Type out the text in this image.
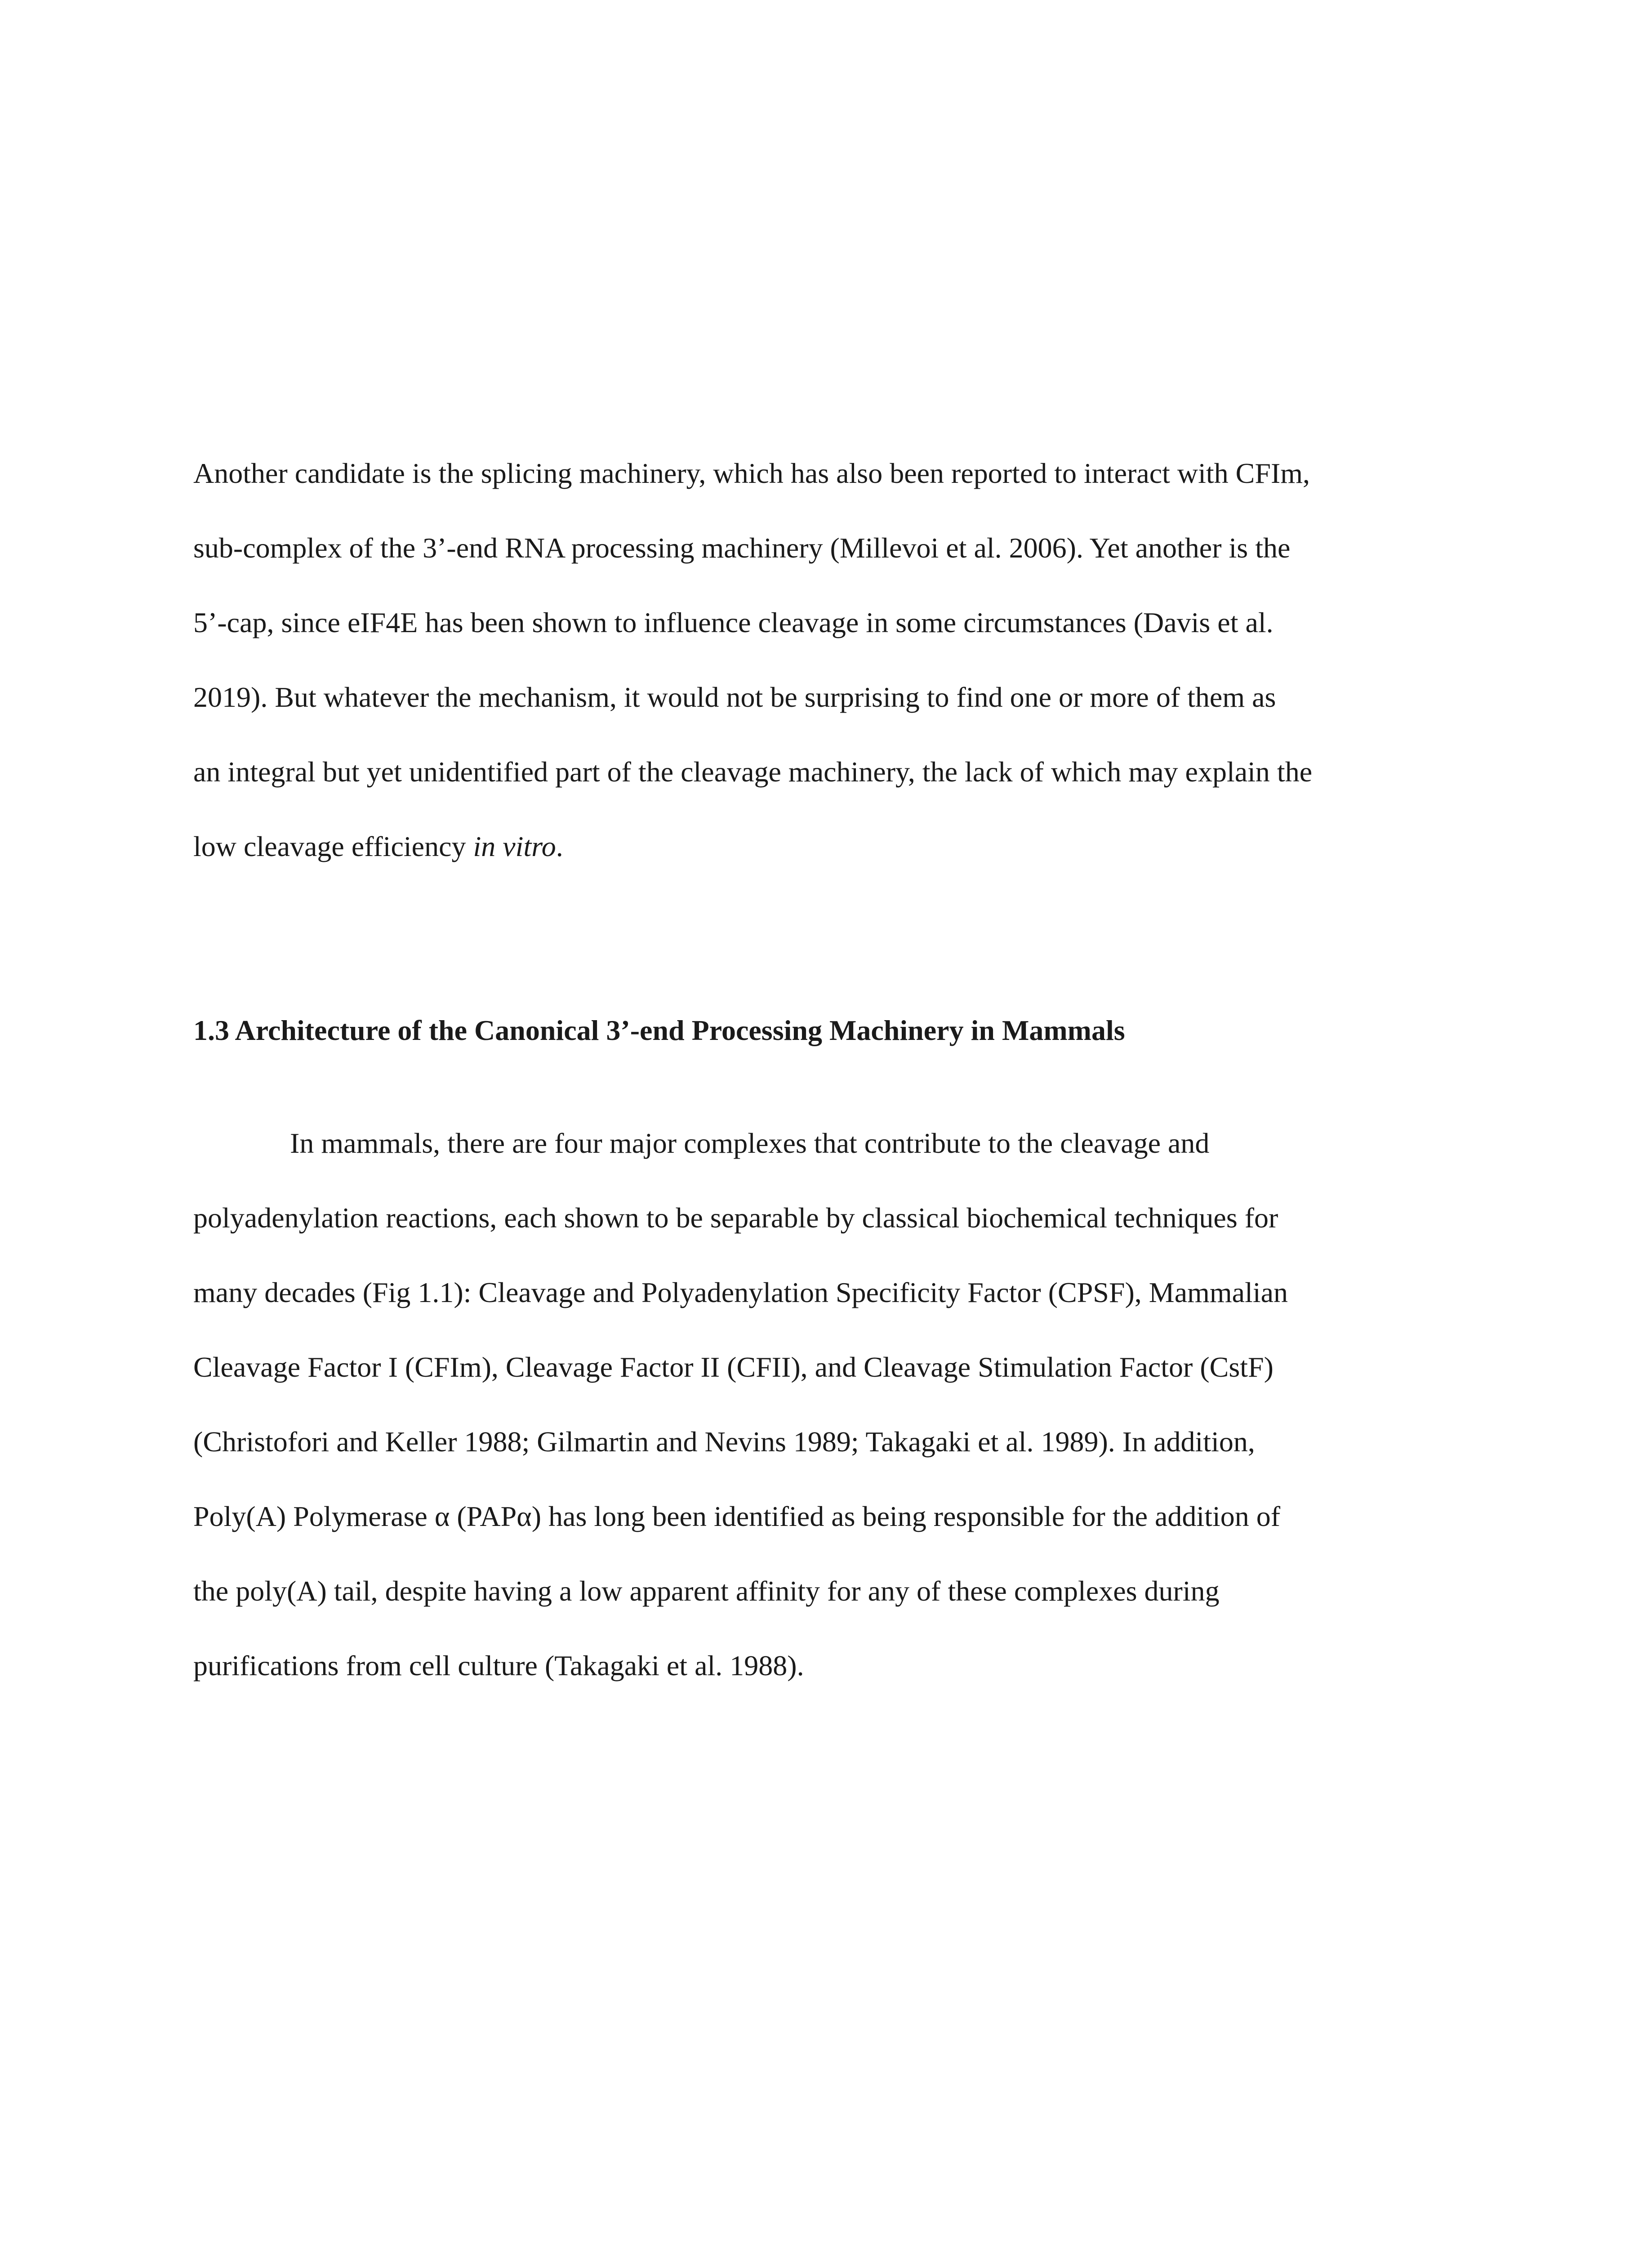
Another candidate is the splicing machinery, which has also been reported to interact with CFIm,
sub-complex of the 3’-end RNA processing machinery (Millevoi et al. 2006). Yet another is the
5’-cap, since eIF4E has been shown to influence cleavage in some circumstances (Davis et al.
2019). But whatever the mechanism, it would not be surprising to find one or more of them as
an integral but yet unidentified part of the cleavage machinery, the lack of which may explain the
low cleavage efficiency in vitro.
1.3 Architecture of the Canonical 3’-end Processing Machinery in Mammals
In mammals, there are four major complexes that contribute to the cleavage and
polyadenylation reactions, each shown to be separable by classical biochemical techniques for
many decades (Fig 1.1): Cleavage and Polyadenylation Specificity Factor (CPSF), Mammalian
Cleavage Factor I (CFIm), Cleavage Factor II (CFII), and Cleavage Stimulation Factor (CstF)
(Christofori and Keller 1988; Gilmartin and Nevins 1989; Takagaki et al. 1989). In addition,
Poly(A) Polymerase α (PAPα) has long been identified as being responsible for the addition of
the poly(A) tail, despite having a low apparent affinity for any of these complexes during
purifications from cell culture (Takagaki et al. 1988).
